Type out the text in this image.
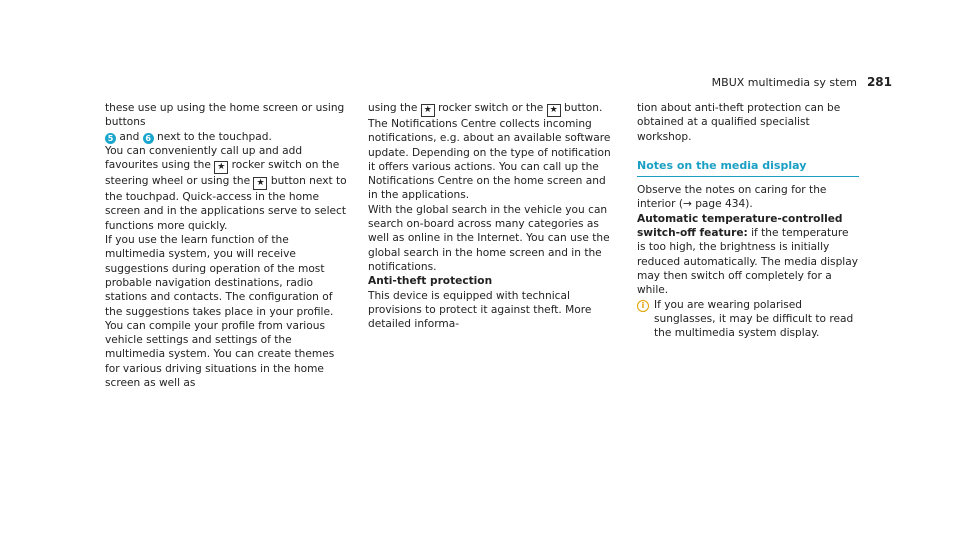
MBUX multimedia sy stem 281

these use up using the home screen or using buttons
5 and 6 next to the touchpad.

You can conveniently call up and add favourites using the ★ rocker switch on the steering wheel or using the ★ button next to the touchpad. Quick-access in the home screen and in the applications serve to select functions more quickly.

If you use the learn function of the multimedia system, you will receive suggestions during operation of the most probable navigation destinations, radio stations and contacts. The configuration of the suggestions takes place in your profile. You can compile your profile from various vehicle settings and settings of the multimedia system. You can create themes for various driving situations in the home screen as well as

using the ★ rocker switch or the ★ button.

The Notifications Centre collects incoming notifications, e.g. about an available software update. Depending on the type of notification it offers various actions. You can call up the Notifications Centre on the home screen and in the applications.

With the global search in the vehicle you can search on-board across many categories as well as online in the Internet. You can use the global search in the home screen and in the notifications.

Anti-theft protection

This device is equipped with technical provisions to protect it against theft. More detailed informa-

tion about anti-theft protection can be obtained at a qualified specialist workshop.

Notes on the media display

Observe the notes on caring for the interior (→ page 434).

Automatic temperature-controlled switch-off feature: if the temperature is too high, the brightness is initially reduced automatically. The media display may then switch off completely for a while.

i If you are wearing polarised sunglasses, it may be difficult to read the multimedia system display.
